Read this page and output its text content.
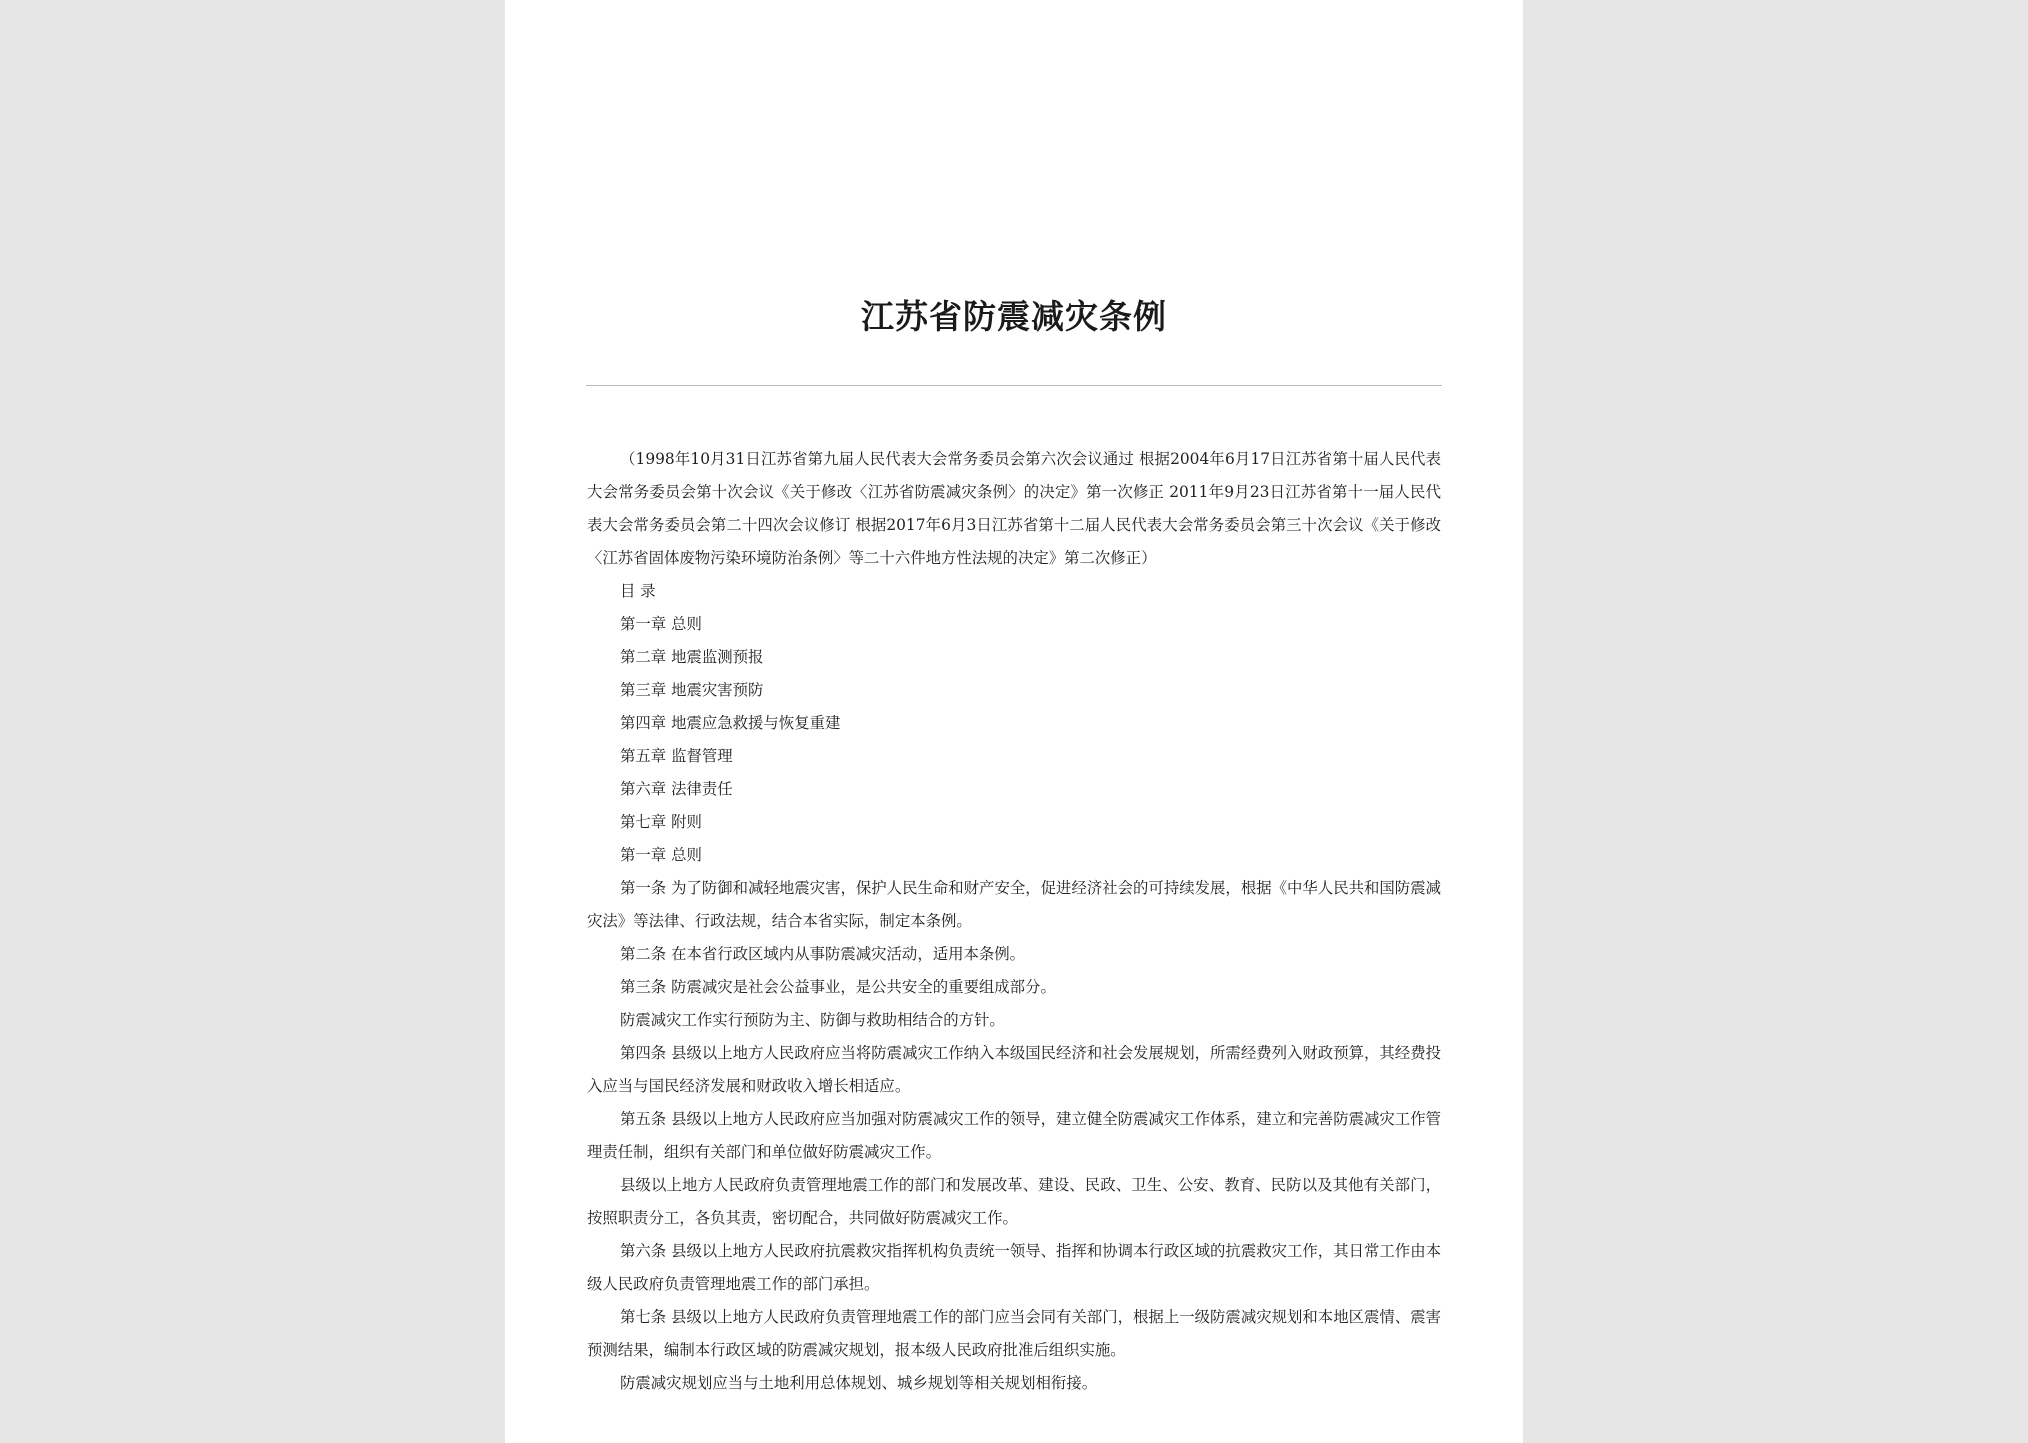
江苏省防震减灾条例

（1998年10月31日江苏省第九届人民代表大会常务委员会第六次会议通过 根据2004年6月17日江苏省第十届人民代表大会常务委员会第十次会议《关于修改〈江苏省防震减灾条例〉的决定》第一次修正 2011年9月23日江苏省第十一届人民代表大会常务委员会第二十四次会议修订 根据2017年6月3日江苏省第十二届人民代表大会常务委员会第三十次会议《关于修改〈江苏省固体废物污染环境防治条例〉等二十六件地方性法规的决定》第二次修正）

目 录

第一章 总则

第二章 地震监测预报

第三章 地震灾害预防

第四章 地震应急救援与恢复重建

第五章 监督管理

第六章 法律责任

第七章 附则

第一章 总则

第一条 为了防御和减轻地震灾害，保护人民生命和财产安全，促进经济社会的可持续发展，根据《中华人民共和国防震减灾法》等法律、行政法规，结合本省实际，制定本条例。

第二条 在本省行政区域内从事防震减灾活动，适用本条例。

第三条 防震减灾是社会公益事业，是公共安全的重要组成部分。

防震减灾工作实行预防为主、防御与救助相结合的方针。

第四条 县级以上地方人民政府应当将防震减灾工作纳入本级国民经济和社会发展规划，所需经费列入财政预算，其经费投入应当与国民经济发展和财政收入增长相适应。

第五条 县级以上地方人民政府应当加强对防震减灾工作的领导，建立健全防震减灾工作体系，建立和完善防震减灾工作管理责任制，组织有关部门和单位做好防震减灾工作。

县级以上地方人民政府负责管理地震工作的部门和发展改革、建设、民政、卫生、公安、教育、民防以及其他有关部门，按照职责分工，各负其责，密切配合，共同做好防震减灾工作。

第六条 县级以上地方人民政府抗震救灾指挥机构负责统一领导、指挥和协调本行政区域的抗震救灾工作，其日常工作由本级人民政府负责管理地震工作的部门承担。

第七条 县级以上地方人民政府负责管理地震工作的部门应当会同有关部门，根据上一级防震减灾规划和本地区震情、震害预测结果，编制本行政区域的防震减灾规划，报本级人民政府批准后组织实施。

防震减灾规划应当与土地利用总体规划、城乡规划等相关规划相衔接。
